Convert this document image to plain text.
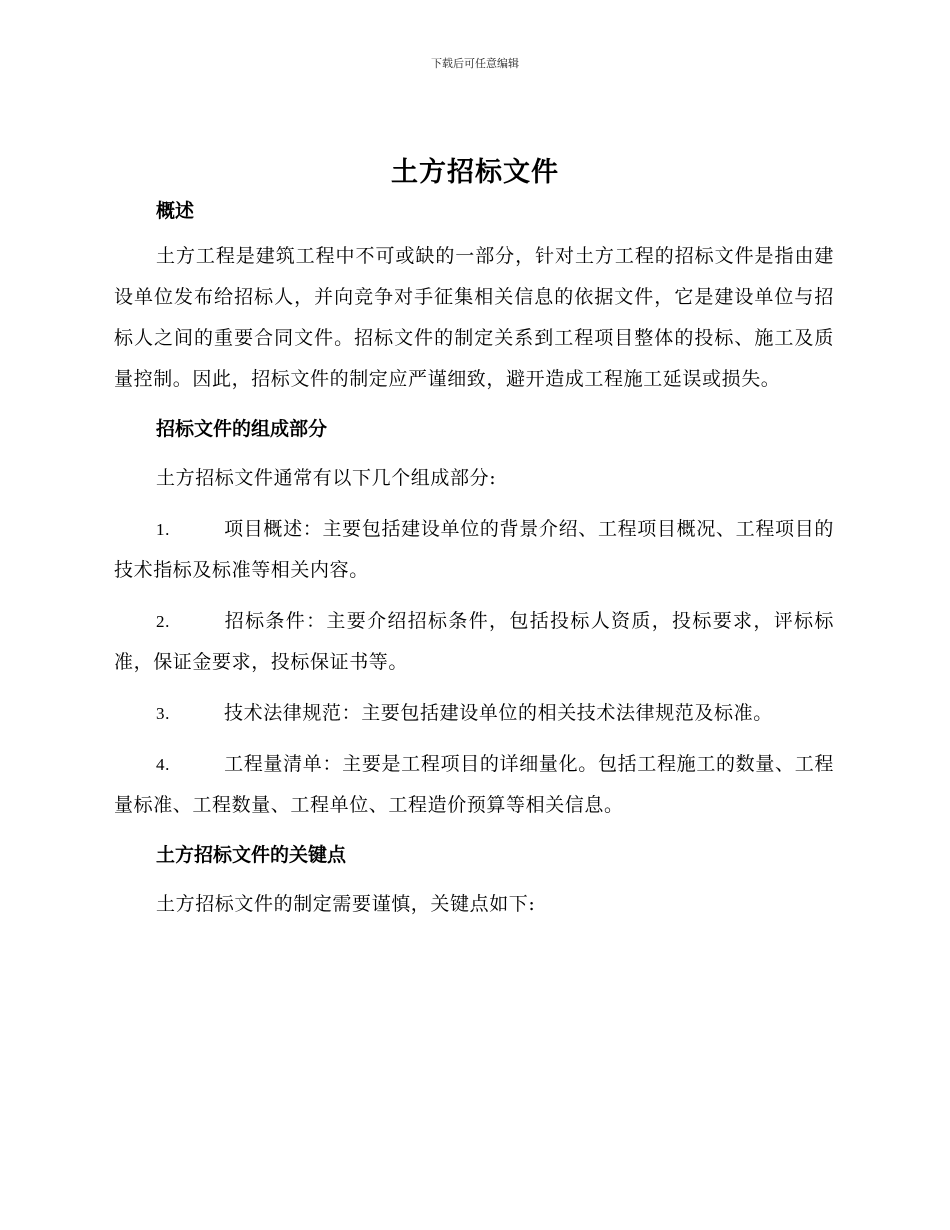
下载后可任意编辑
土方招标文件
概述

土方工程是建筑工程中不可或缺的一部分，针对土方工程的招标文件是指由建设单位发布给招标人，并向竞争对手征集相关信息的依据文件，它是建设单位与招标人之间的重要合同文件。招标文件的制定关系到工程项目整体的投标、施工及质量控制。因此，招标文件的制定应严谨细致，避开造成工程施工延误或损失。

招标文件的组成部分

土方招标文件通常有以下几个组成部分:

1.	项目概述：主要包括建设单位的背景介绍、工程项目概况、工程项目的技术指标及标准等相关内容。

2.	招标条件：主要介绍招标条件，包括投标人资质，投标要求，评标标准，保证金要求，投标保证书等。

3.	技术法律规范：主要包括建设单位的相关技术法律规范及标准。

4.	工程量清单：主要是工程项目的详细量化。包括工程施工的数量、工程量标准、工程数量、工程单位、工程造价预算等相关信息。

土方招标文件的关键点

土方招标文件的制定需要谨慎，关键点如下:
